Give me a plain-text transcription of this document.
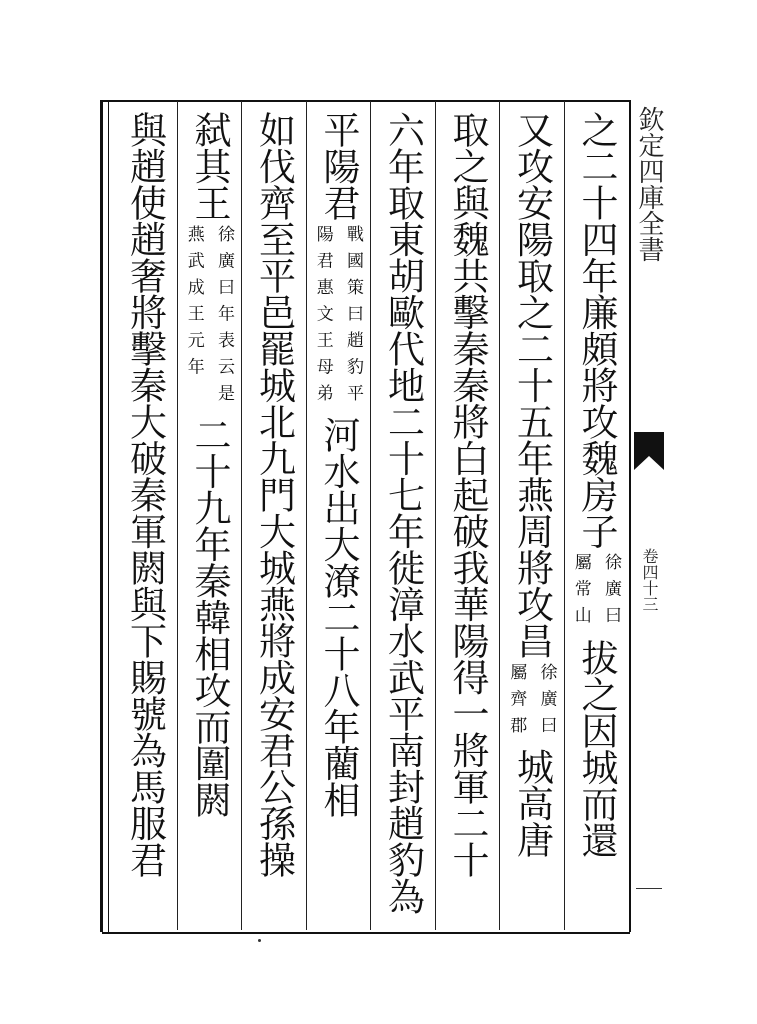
欽定四庫全書
卷四十三
之二十四年廉頗將攻魏房子
徐廣曰
屬常山
拔之因城而還
又攻安陽取之二十五年燕周將攻昌
徐廣曰
屬齊郡
城高唐
取之與魏共擊秦秦將白起破我華陽得一將軍二十
六年取東胡歐代地二十七年徙漳水武平南封趙豹為
平陽君
戰國策曰趙豹平
陽君惠文王母弟
河水出大潦二十八年藺相
如伐齊至平邑罷城北九門大城燕將成安君公孫操
弑其王
徐廣曰年表云是
燕武成王元年
二十九年秦韓相攻而圍閼
與趙使趙奢將擊秦大破秦軍閼與下賜號為馬服君
